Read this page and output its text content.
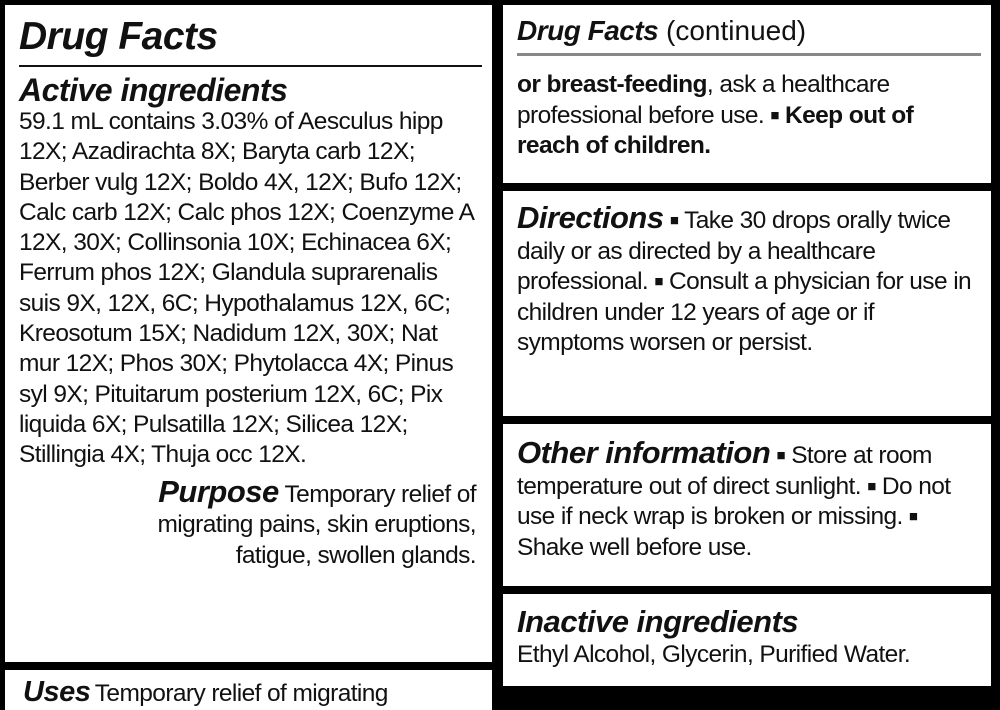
Drug Facts
Active ingredients

59.1 mL contains 3.03% of Aesculus hipp 12X; Azadirachta 8X; Baryta carb 12X; Berber vulg 12X; Boldo 4X, 12X; Bufo 12X; Calc carb 12X; Calc phos 12X; Coenzyme A 12X, 30X; Collinsonia 10X; Echinacea 6X; Ferrum phos 12X; Glandula suprarenalis suis 9X, 12X, 6C; Hypothalamus 12X, 6C; Kreosotum 15X; Nadidum 12X, 30X; Nat mur 12X; Phos 30X; Phytolacca 4X; Pinus syl 9X; Pituitarum posterium 12X, 6C; Pix liquida 6X; Pulsatilla 12X; Silicea 12X; Stillingia 4X; Thuja occ 12X.

Purpose Temporary relief of migrating pains, skin eruptions, fatigue, swollen glands.

Uses Temporary relief of migrating
Drug Facts (continued)

or breast-feeding, ask a healthcare professional before use. ■ Keep out of reach of children.

Directions ■ Take 30 drops orally twice daily or as directed by a healthcare professional. ■ Consult a physician for use in children under 12 years of age or if symptoms worsen or persist.

Other information ■ Store at room temperature out of direct sunlight. ■ Do not use if neck wrap is broken or missing. ■ Shake well before use.

Inactive ingredients

Ethyl Alcohol, Glycerin, Purified Water.
